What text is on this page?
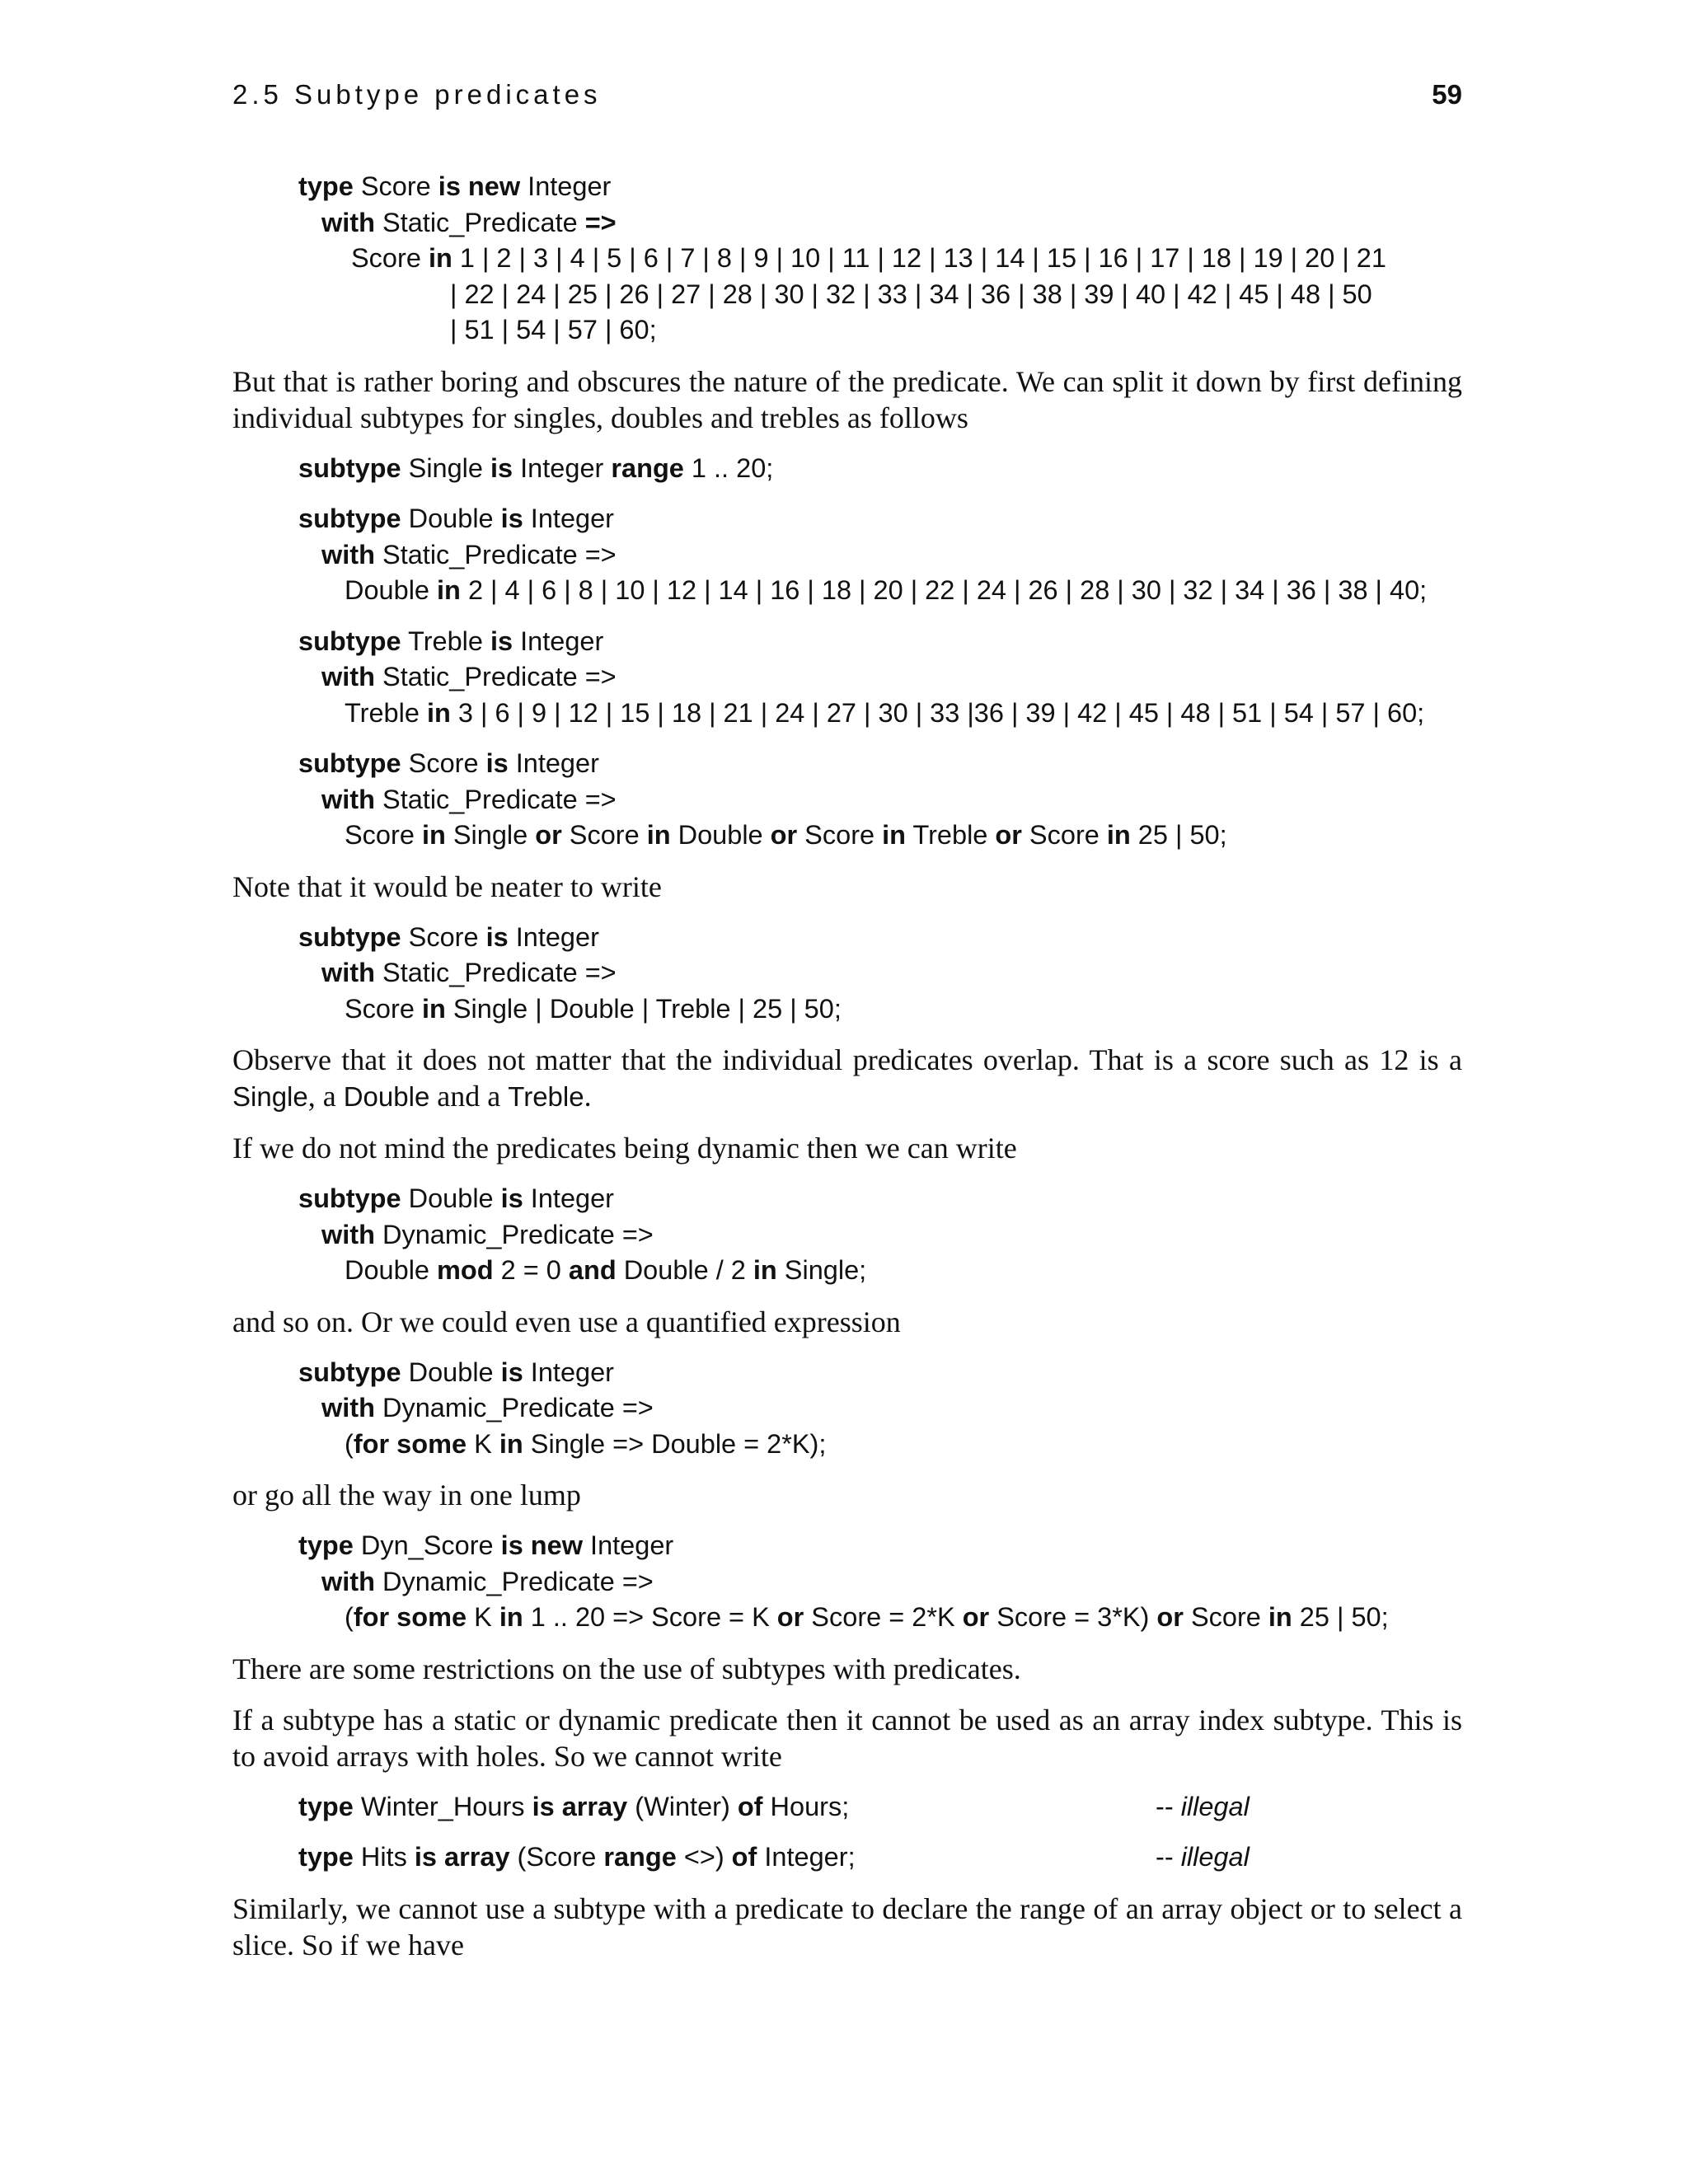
2.5 Subtype predicates	59
type Score is new Integer
with Static_Predicate =>
Score in 1 | 2 | 3 | 4 | 5 | 6 | 7 | 8 | 9 | 10 | 11 | 12 | 13 | 14 | 15 | 16 | 17 | 18 | 19 | 20 | 21
| 22 | 24 | 25 | 26 | 27 | 28 | 30 | 32 | 33 | 34 | 36 | 38 | 39 | 40 | 42 | 45 | 48 | 50
| 51 | 54 | 57 | 60;

But that is rather boring and obscures the nature of the predicate. We can split it down by first defining individual subtypes for singles, doubles and trebles as follows

subtype Single is Integer range 1 .. 20;
subtype Double is Integer
with Static_Predicate =>
Double in 2 | 4 | 6 | 8 | 10 | 12 | 14 | 16 | 18 | 20 | 22 | 24 | 26 | 28 | 30 | 32 | 34 | 36 | 38 | 40;
subtype Treble is Integer
with Static_Predicate =>
Treble in 3 | 6 | 9 | 12 | 15 | 18 | 21 | 24 | 27 | 30 | 33 |36 | 39 | 42 | 45 | 48 | 51 | 54 | 57 | 60;
subtype Score is Integer
with Static_Predicate =>
Score in Single or Score in Double or Score in Treble or Score in 25 | 50;

Note that it would be neater to write

subtype Score is Integer
with Static_Predicate =>
Score in Single | Double | Treble | 25 | 50;

Observe that it does not matter that the individual predicates overlap. That is a score such as 12 is a Single, a Double and a Treble.

If we do not mind the predicates being dynamic then we can write

subtype Double is Integer
with Dynamic_Predicate =>
Double mod 2 = 0 and Double / 2 in Single;

and so on. Or we could even use a quantified expression

subtype Double is Integer
with Dynamic_Predicate =>
(for some K in Single => Double = 2*K);

or go all the way in one lump

type Dyn_Score is new Integer
with Dynamic_Predicate =>
(for some K in 1 .. 20 => Score = K or Score = 2*K or Score = 3*K) or Score in 25 | 50;

There are some restrictions on the use of subtypes with predicates.

If a subtype has a static or dynamic predicate then it cannot be used as an array index subtype. This is to avoid arrays with holes. So we cannot write

type Winter_Hours is array (Winter) of Hours;	-- illegal
type Hits is array (Score range <>) of Integer;	-- illegal

Similarly, we cannot use a subtype with a predicate to declare the range of an array object or to select a slice. So if we have
